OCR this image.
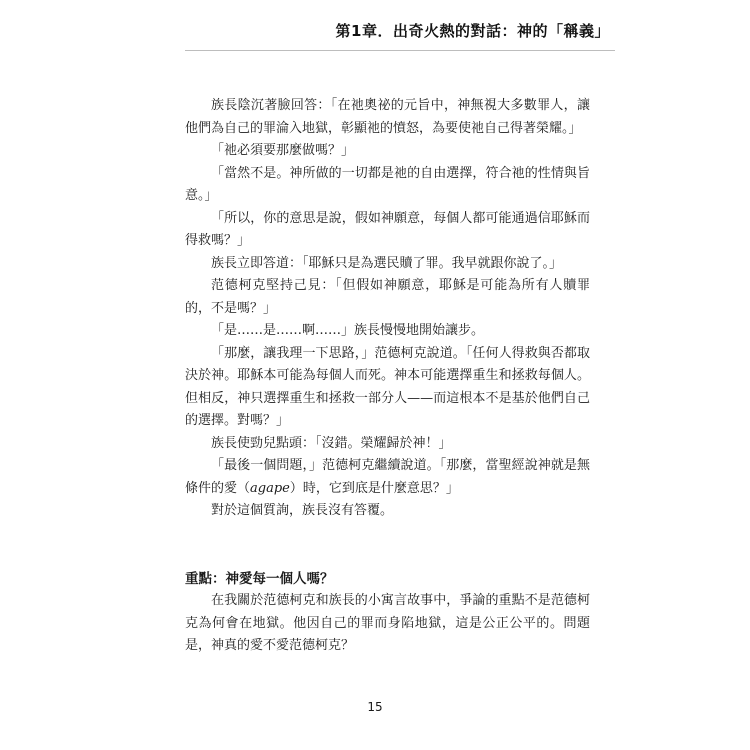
第1章．出奇火熱的對話：神的「稱義」

族長陰沉著臉回答：「在祂奧祕的元旨中，神無視大多數罪人，讓他們為自己的罪淪入地獄，彰顯祂的憤怒，為要使祂自己得著榮耀。」

「祂必須要那麼做嗎？」

「當然不是。神所做的一切都是祂的自由選擇，符合祂的性情與旨意。」

「所以，你的意思是說，假如神願意，每個人都可能通過信耶穌而得救嗎？」

族長立即答道：「耶穌只是為選民贖了罪。我早就跟你說了。」

范德柯克堅持己見：「但假如神願意，耶穌是可能為所有人贖罪的，不是嗎？」

「是……是……啊……」族長慢慢地開始讓步。

「那麼，讓我理一下思路，」范德柯克說道。「任何人得救與否都取決於神。耶穌本可能為每個人而死。神本可能選擇重生和拯救每個人。但相反，神只選擇重生和拯救一部分人——而這根本不是基於他們自己的選擇。對嗎？」

族長使勁兒點頭：「沒錯。榮耀歸於神！」

「最後一個問題，」范德柯克繼續說道。「那麼，當聖經說神就是無條件的愛（agape）時，它到底是什麼意思？」

對於這個質詢，族長沒有答覆。

重點：神愛每一個人嗎？

在我關於范德柯克和族長的小寓言故事中，爭論的重點不是范德柯克為何會在地獄。他因自己的罪而身陷地獄，這是公正公平的。問題是，神真的愛不愛范德柯克？

15
